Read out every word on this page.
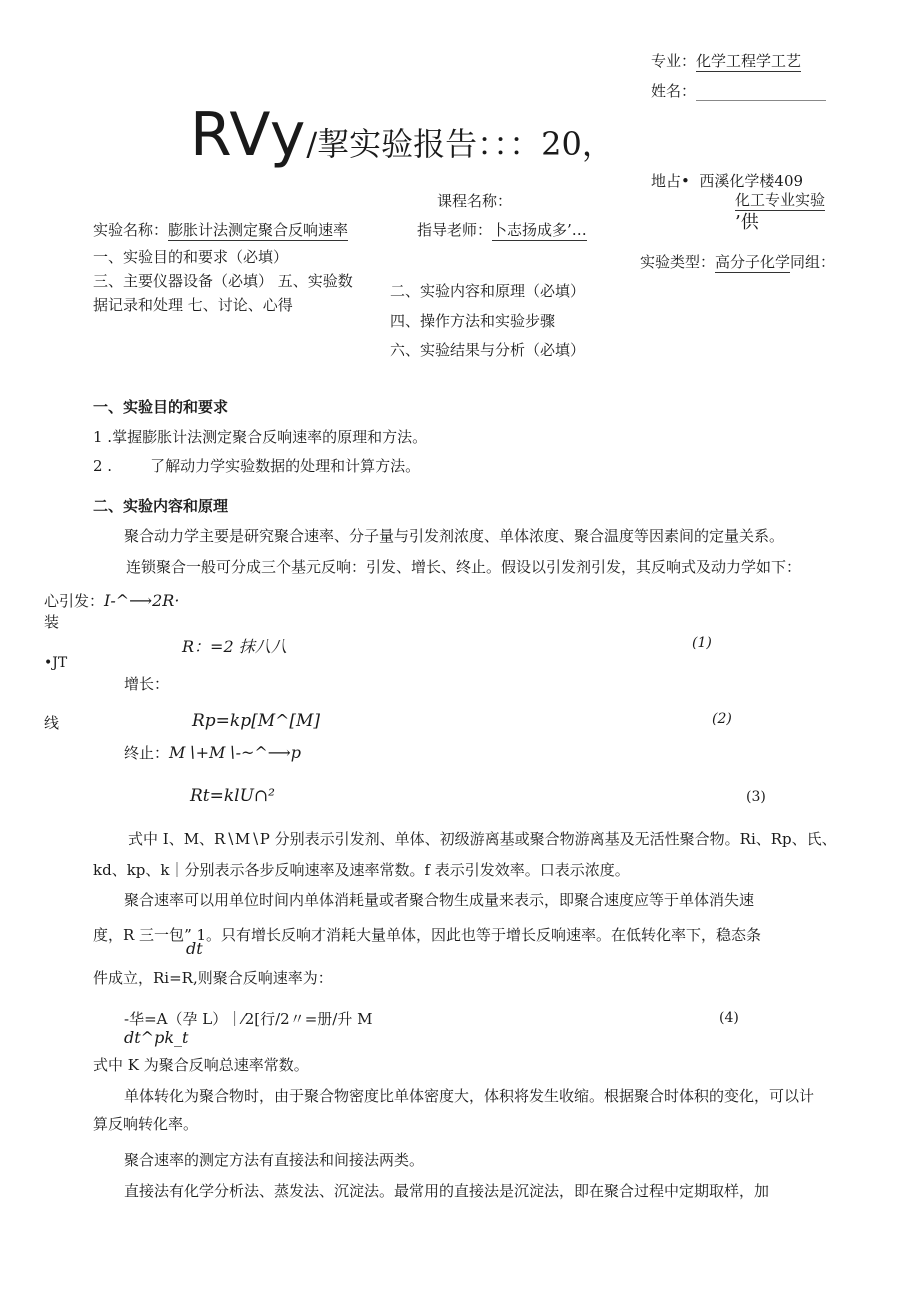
专业：化学工程学工艺
姓名：
RVy/挈实验报告：：：20，
地占• 西溪化学楼409
课程名称：	化工专业实验
’供
实验名称：膨胀计法测定聚合反响速率	指导老师：卜志扬成多’…
实验类型：高分子化学同组：
一、实验目的和要求（必填）
三、主要仪器设备（必填） 五、实验数
据记录和处理 七、讨论、心得
二、实验内容和原理（必填）
四、操作方法和实验步骤
六、实验结果与分析（必填）
一、实验目的和要求
1 .掌握膨胀计法测定聚合反响速率的原理和方法。
2 .	了解动力学实验数据的处理和计算方法。
二、实验内容和原理
聚合动力学主要是研究聚合速率、分子量与引发剂浓度、单体浓度、聚合温度等因素间的定量关系。
连锁聚合一般可分成三个基元反响：引发、增长、终止。假设以引发剂引发，其反响式及动力学如下：
心引发：I-^⟶2R·
装
R：=2 抹八八	(1)
•JT
增长：
线	Rp=kp[M^[M]	(2)
终止：M∖+M∖-~^⟶p
Rt=klU∩²	(3)
式中 I、M、R∖M∖P 分别表示引发剂、单体、初级游离基或聚合物游离基及无活性聚合物。Ri、Rp、氏、
kd、kp、k｜分别表示各步反响速率及速率常数。f 表示引发效率。口表示浓度。
聚合速率可以用单位时间内单体消耗量或者聚合物生成量来表示，即聚合速度应等于单体消失速
度，R 三一包” 1。只有增长反响才消耗大量单体，因此也等于增长反响速率。在低转化率下，稳态条
dt
件成立，Ri=R,则聚合反响速率为：
-华=A（孕 L）｜⁄2[行/2〃=册/升 M
dt^pk_t
(4)
式中 K 为聚合反响总速率常数。
单体转化为聚合物时，由于聚合物密度比单体密度大，体积将发生收缩。根据聚合时体积的变化，可以计
算反响转化率。
聚合速率的测定方法有直接法和间接法两类。
直接法有化学分析法、蒸发法、沉淀法。最常用的直接法是沉淀法，即在聚合过程中定期取样，加
